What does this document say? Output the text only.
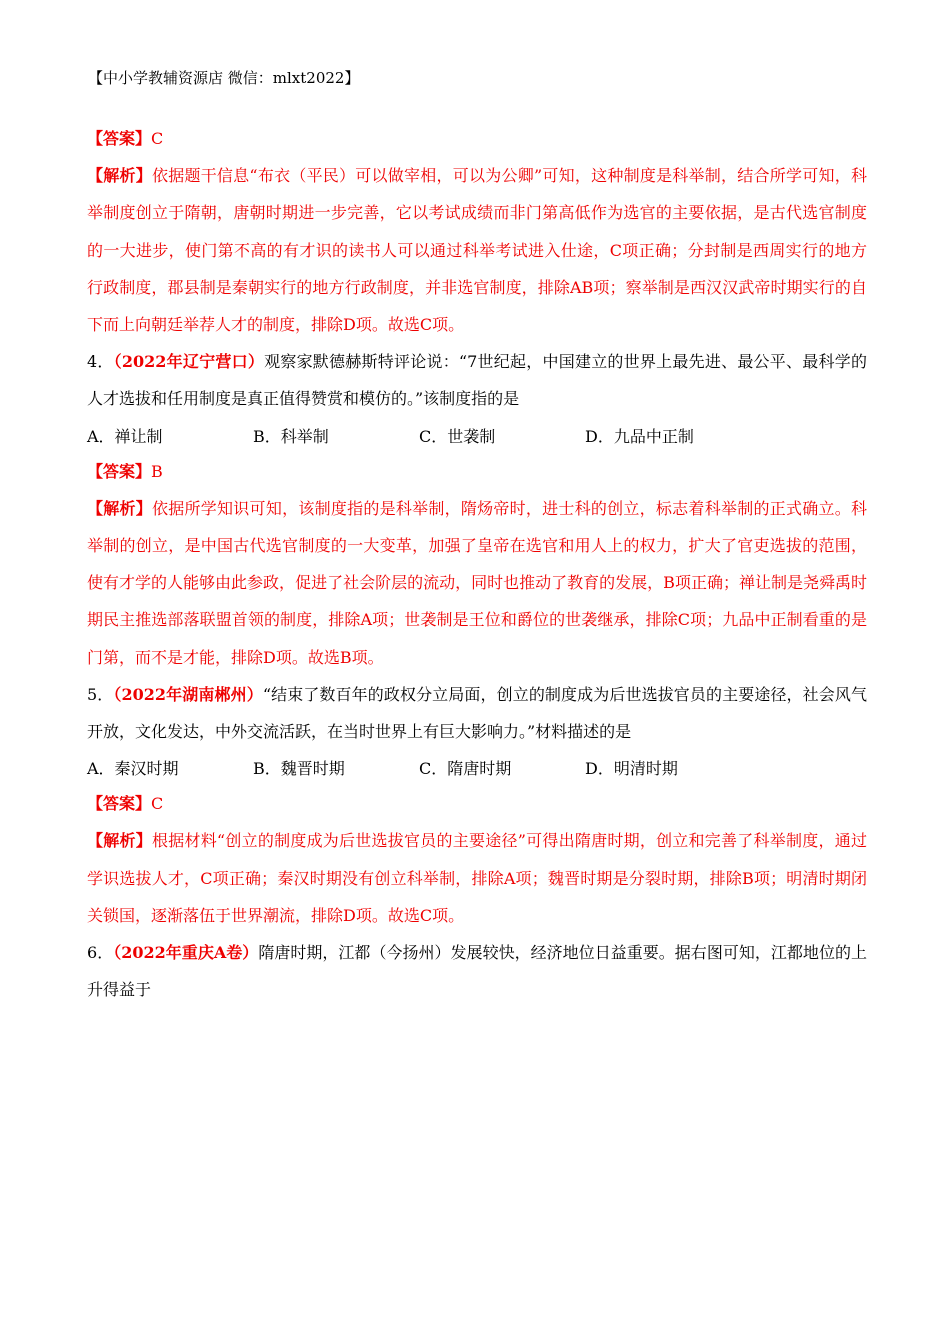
【中小学教辅资源店 微信：mlxt2022】

【答案】C

【解析】依据题干信息“布衣（平民）可以做宰相，可以为公卿”可知，这种制度是科举制，结合所学可知，科举制度创立于隋朝，唐朝时期进一步完善，它以考试成绩而非门第高低作为选官的主要依据，是古代选官制度的一大进步，使门第不高的有才识的读书人可以通过科举考试进入仕途，C项正确；分封制是西周实行的地方行政制度，郡县制是秦朝实行的地方行政制度，并非选官制度，排除AB项；察举制是西汉汉武帝时期实行的自下而上向朝廷举荐人才的制度，排除D项。故选C项。

4．（2022年辽宁营口）观察家默德赫斯特评论说：“7世纪起，中国建立的世界上最先进、最公平、最科学的人才选拔和任用制度是真正值得赞赏和模仿的。”该制度指的是

A．禅让制	B．科举制	C．世袭制	D．九品中正制

【答案】B

【解析】依据所学知识可知，该制度指的是科举制，隋炀帝时，进士科的创立，标志着科举制的正式确立。科举制的创立，是中国古代选官制度的一大变革，加强了皇帝在选官和用人上的权力，扩大了官吏选拔的范围，使有才学的人能够由此参政，促进了社会阶层的流动，同时也推动了教育的发展，B项正确；禅让制是尧舜禹时期民主推选部落联盟首领的制度，排除A项；世袭制是王位和爵位的世袭继承，排除C项；九品中正制看重的是门第，而不是才能，排除D项。故选B项。

5．（2022年湖南郴州）“结束了数百年的政权分立局面，创立的制度成为后世选拔官员的主要途径，社会风气开放，文化发达，中外交流活跃，在当时世界上有巨大影响力。”材料描述的是

A．秦汉时期	B．魏晋时期	C．隋唐时期	D．明清时期

【答案】C

【解析】根据材料“创立的制度成为后世选拔官员的主要途径”可得出隋唐时期，创立和完善了科举制度，通过学识选拔人才，C项正确；秦汉时期没有创立科举制，排除A项；魏晋时期是分裂时期，排除B项；明清时期闭关锁国，逐渐落伍于世界潮流，排除D项。故选C项。

6．（2022年重庆A卷）隋唐时期，江都（今扬州）发展较快，经济地位日益重要。据右图可知，江都地位的上升得益于
